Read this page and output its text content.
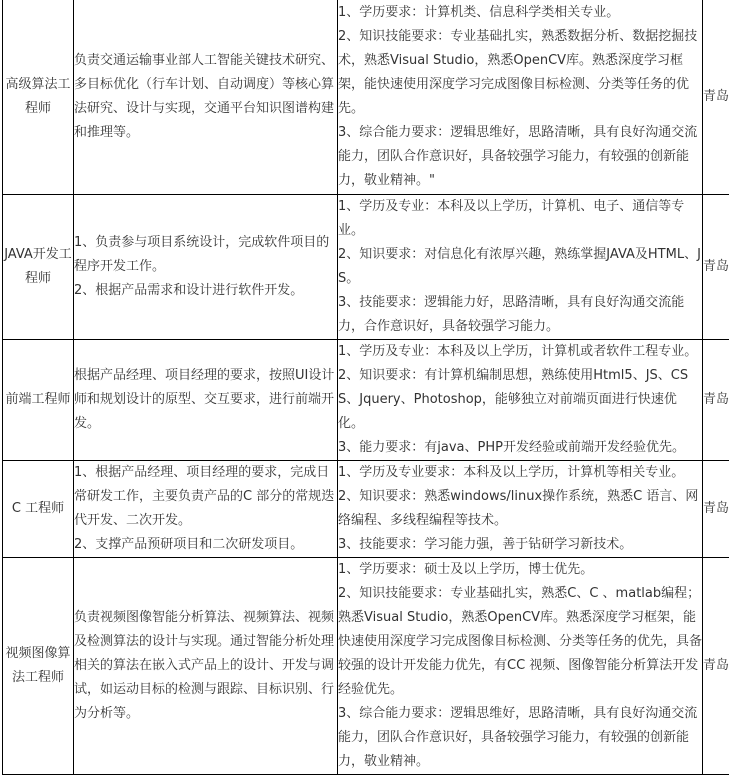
高级算法工程师	负责交通运输事业部人工智能关键技术研究、多目标优化（行车计划、自动调度）等核心算法研究、设计与实现，交通平台知识图谱构建和推理等。	1、学历要求：计算机类、信息科学类相关专业。
2、知识技能要求：专业基础扎实，熟悉数据分析、数据挖掘技术，熟悉Visual Studio，熟悉OpenCV库。熟悉深度学习框架，能快速使用深度学习完成图像目标检测、分类等任务的优先。
3、综合能力要求：逻辑思维好，思路清晰，具有良好沟通交流能力，团队合作意识好，具备较强学习能力，有较强的创新能力，敬业精神。"	青岛
JAVA开发工程师	1、负责参与项目系统设计，完成软件项目的程序开发工作。
2、根据产品需求和设计进行软件开发。	1、学历及专业：本科及以上学历，计算机、电子、通信等专业。
2、知识要求：对信息化有浓厚兴趣，熟练掌握JAVA及HTML、JS。
3、技能要求：逻辑能力好，思路清晰，具有良好沟通交流能力，合作意识好，具备较强学习能力。	青岛
前端工程师	根据产品经理、项目经理的要求，按照UI设计师和规划设计的原型、交互要求，进行前端开发。	1、学历及专业：本科及以上学历，计算机或者软件工程专业。
2、知识要求：有计算机编制思想，熟练使用Html5、JS、CSS、Jquery、Photoshop，能够独立对前端页面进行快速优化。
3、能力要求：有java、PHP开发经验或前端开发经验优先。	青岛
C 工程师	1、根据产品经理、项目经理的要求，完成日常研发工作，主要负责产品的C 部分的常规迭代开发、二次开发。
2、支撑产品预研项目和二次研发项目。	1、学历及专业要求：本科及以上学历，计算机等相关专业。
2、知识要求：熟悉windows/linux操作系统，熟悉C 语言、网络编程、多线程编程等技术。
3、技能要求：学习能力强，善于钻研学习新技术。	青岛
视频图像算法工程师	负责视频图像智能分析算法、视频算法、视频及检测算法的设计与实现。通过智能分析处理相关的算法在嵌入式产品上的设计、开发与调试，如运动目标的检测与跟踪、目标识别、行为分析等。	1、学历要求：硕士及以上学历，博士优先。
2、知识技能要求：专业基础扎实，熟悉C、C 、matlab编程；熟悉Visual Studio，熟悉OpenCV库。熟悉深度学习框架，能快速使用深度学习完成图像目标检测、分类等任务的优先，具备较强的设计开发能力优先，有CC 视频、图像智能分析算法开发经验优先。
3、综合能力要求：逻辑思维好，思路清晰，具有良好沟通交流能力，团队合作意识好，具备较强学习能力，有较强的创新能力，敬业精神。	青岛
